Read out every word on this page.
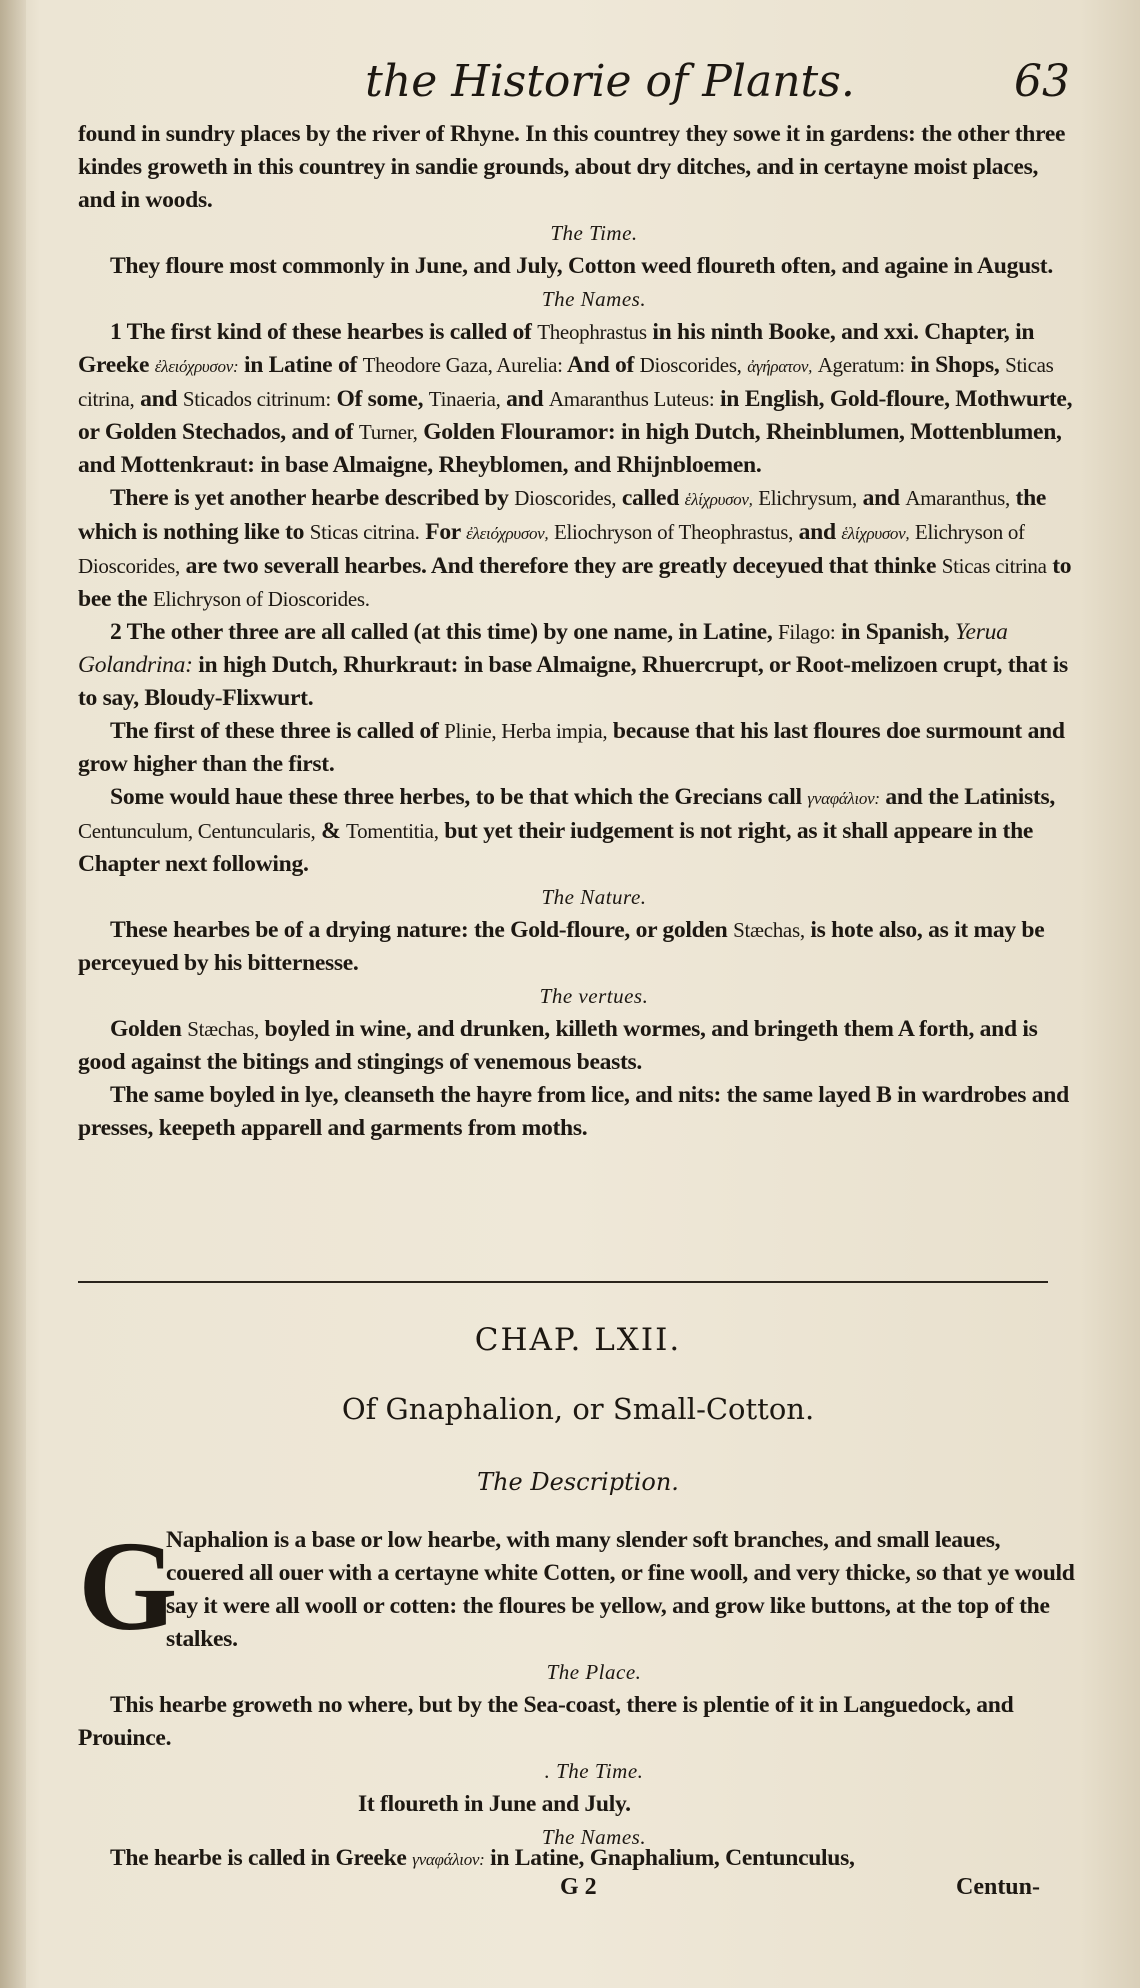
the Historie of Plants.	63

found in sundry places by the river of Rhyne. In this countrey they sowe it in gardens: the other three kindes groweth in this countrey in sandie grounds, about dry ditches, and in certayne moist places, and in woods.

The Time.

They floure most commonly in June, and July, Cotton weed floureth often, and againe in August.

The Names.

1 The first kind of these hearbes is called of Theophrastus in his ninth Booke, and xxi. Chapter, in Greeke ἐλειόχρυσον: in Latine of Theodore Gaza, Aurelia: And of Dioscorides, ἀγήρατον, Ageratum: in Shops, Sticas citrina, and Sticados citrinum: Of some, Tinaeria, and Amaranthus Luteus: in English, Gold-floure, Mothwurte, or Golden Stechados, and of Turner, Golden Flouramor: in high Dutch, Rheinblumen, Mottenblumen, and Mottenkraut: in base Almaigne, Rheyblomen, and Rhijnbloemen.

There is yet another hearbe described by Dioscorides, called ἑλίχρυσον, Elichrysum, and Amaranthus, the which is nothing like to Sticas citrina. For ἐλειόχρυσον, Eliochryson of Theophrastus, and ἑλίχρυσον, Elichryson of Dioscorides, are two severall hearbes. And therefore they are greatly deceyued that thinke Sticas citrina to bee the Elichryson of Dioscorides.

2 The other three are all called (at this time) by one name, in Latine, Filago: in Spanish, Yerua Golandrina: in high Dutch, Rhurkraut: in base Almaigne, Rhuercrupt, or Root-melizoen crupt, that is to say, Bloudy-Flixwurt.

The first of these three is called of Plinie, Herba impia, because that his last floures doe surmount and grow higher than the first.

Some would haue these three herbes, to be that which the Grecians call γναφάλιον: and the Latinists, Centunculum, Centuncularis, & Tomentitia, but yet their iudgement is not right, as it shall appeare in the Chapter next following.

The Nature.

These hearbes be of a drying nature: the Gold-floure, or golden Stæchas, is hote also, as it may be perceyued by his bitternesse.

The vertues.

Golden Stæchas, boyled in wine, and drunken, killeth wormes, and bringeth them A forth, and is good against the bitings and stingings of venemous beasts.

The same boyled in lye, cleanseth the hayre from lice, and nits: the same layed B in wardrobes and presses, keepeth apparell and garments from moths.

CHAP. LXII.
Of Gnaphalion, or Small-Cotton.
The Description.
G

Naphalion is a base or low hearbe, with many slender soft branches, and small leaues, couered all ouer with a certayne white Cotten, or fine wooll, and very thicke, so that ye would say it were all wooll or cotten: the floures be yellow, and grow like buttons, at the top of the stalkes.

The Place.

This hearbe groweth no where, but by the Sea-coast, there is plentie of it in Languedock, and Prouince.

. The Time.

It floureth in June and July.

The Names.

The hearbe is called in Greeke γναφάλιον: in Latine, Gnaphalium, Centunculus,
G 2	Centun-
